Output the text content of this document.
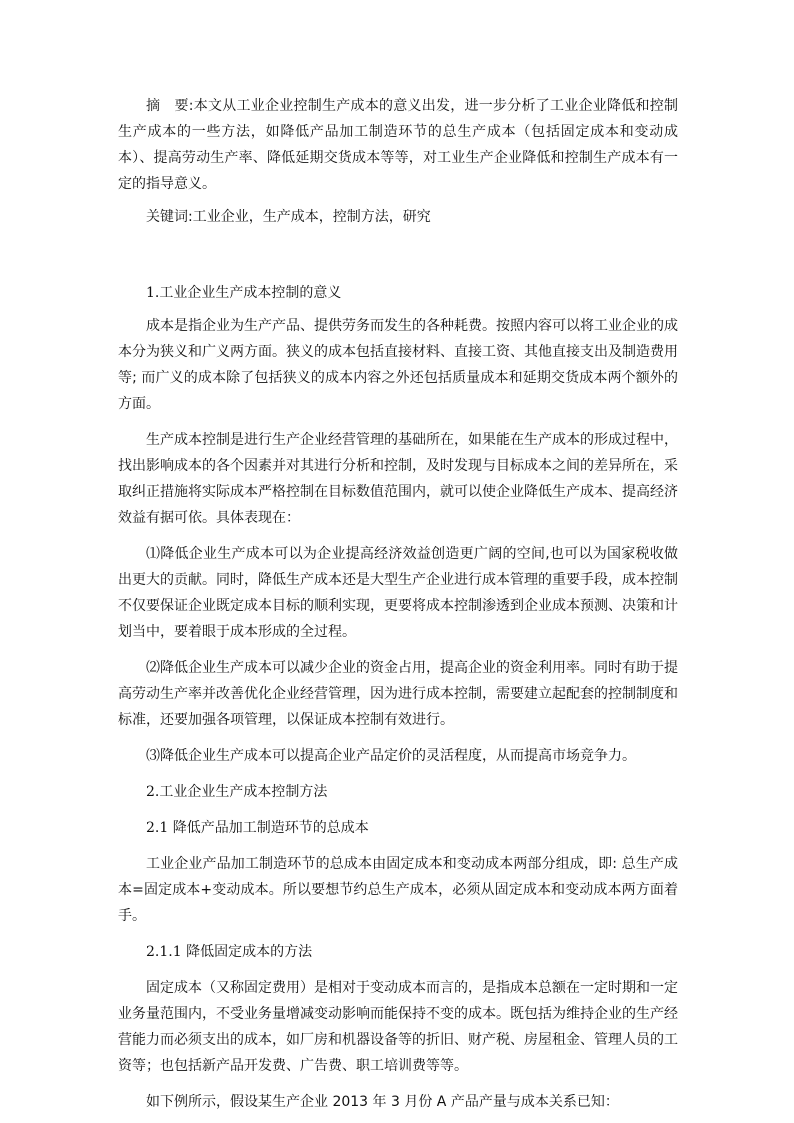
摘　要:本文从工业企业控制生产成本的意义出发，进一步分析了工业企业降低和控制生产成本的一些方法，如降低产品加工制造环节的总生产成本（包括固定成本和变动成本）、提高劳动生产率、降低延期交货成本等等，对工业生产企业降低和控制生产成本有一定的指导意义。

关键词:工业企业，生产成本，控制方法，研究

1.工业企业生产成本控制的意义

成本是指企业为生产产品、提供劳务而发生的各种耗费。按照内容可以将工业企业的成本分为狭义和广义两方面。狭义的成本包括直接材料、直接工资、其他直接支出及制造费用等; 而广义的成本除了包括狭义的成本内容之外还包括质量成本和延期交货成本两个额外的方面。

生产成本控制是进行生产企业经营管理的基础所在，如果能在生产成本的形成过程中，找出影响成本的各个因素并对其进行分析和控制，及时发现与目标成本之间的差异所在，采取纠正措施将实际成本严格控制在目标数值范围内，就可以使企业降低生产成本、提高经济效益有据可依。具体表现在：

⑴降低企业生产成本可以为企业提高经济效益创造更广阔的空间,也可以为国家税收做出更大的贡献。同时，降低生产成本还是大型生产企业进行成本管理的重要手段，成本控制不仅要保证企业既定成本目标的顺利实现，更要将成本控制渗透到企业成本预测、决策和计划当中，要着眼于成本形成的全过程。

⑵降低企业生产成本可以减少企业的资金占用，提高企业的资金利用率。同时有助于提高劳动生产率并改善优化企业经营管理，因为进行成本控制，需要建立起配套的控制制度和标准，还要加强各项管理，以保证成本控制有效进行。

⑶降低企业生产成本可以提高企业产品定价的灵活程度，从而提高市场竞争力。

2.工业企业生产成本控制方法

2.1 降低产品加工制造环节的总成本

工业企业产品加工制造环节的总成本由固定成本和变动成本两部分组成，即: 总生产成本=固定成本+变动成本。所以要想节约总生产成本，必须从固定成本和变动成本两方面着手。

2.1.1 降低固定成本的方法

固定成本（又称固定费用）是相对于变动成本而言的，是指成本总额在一定时期和一定业务量范围内，不受业务量增减变动影响而能保持不变的成本。既包括为维持企业的生产经营能力而必须支出的成本，如厂房和机器设备等的折旧、财产税、房屋租金、管理人员的工资等；也包括新产品开发费、广告费、职工培训费等等。

如下例所示，假设某生产企业 2013 年 3 月份 A 产品产量与成本关系已知：
